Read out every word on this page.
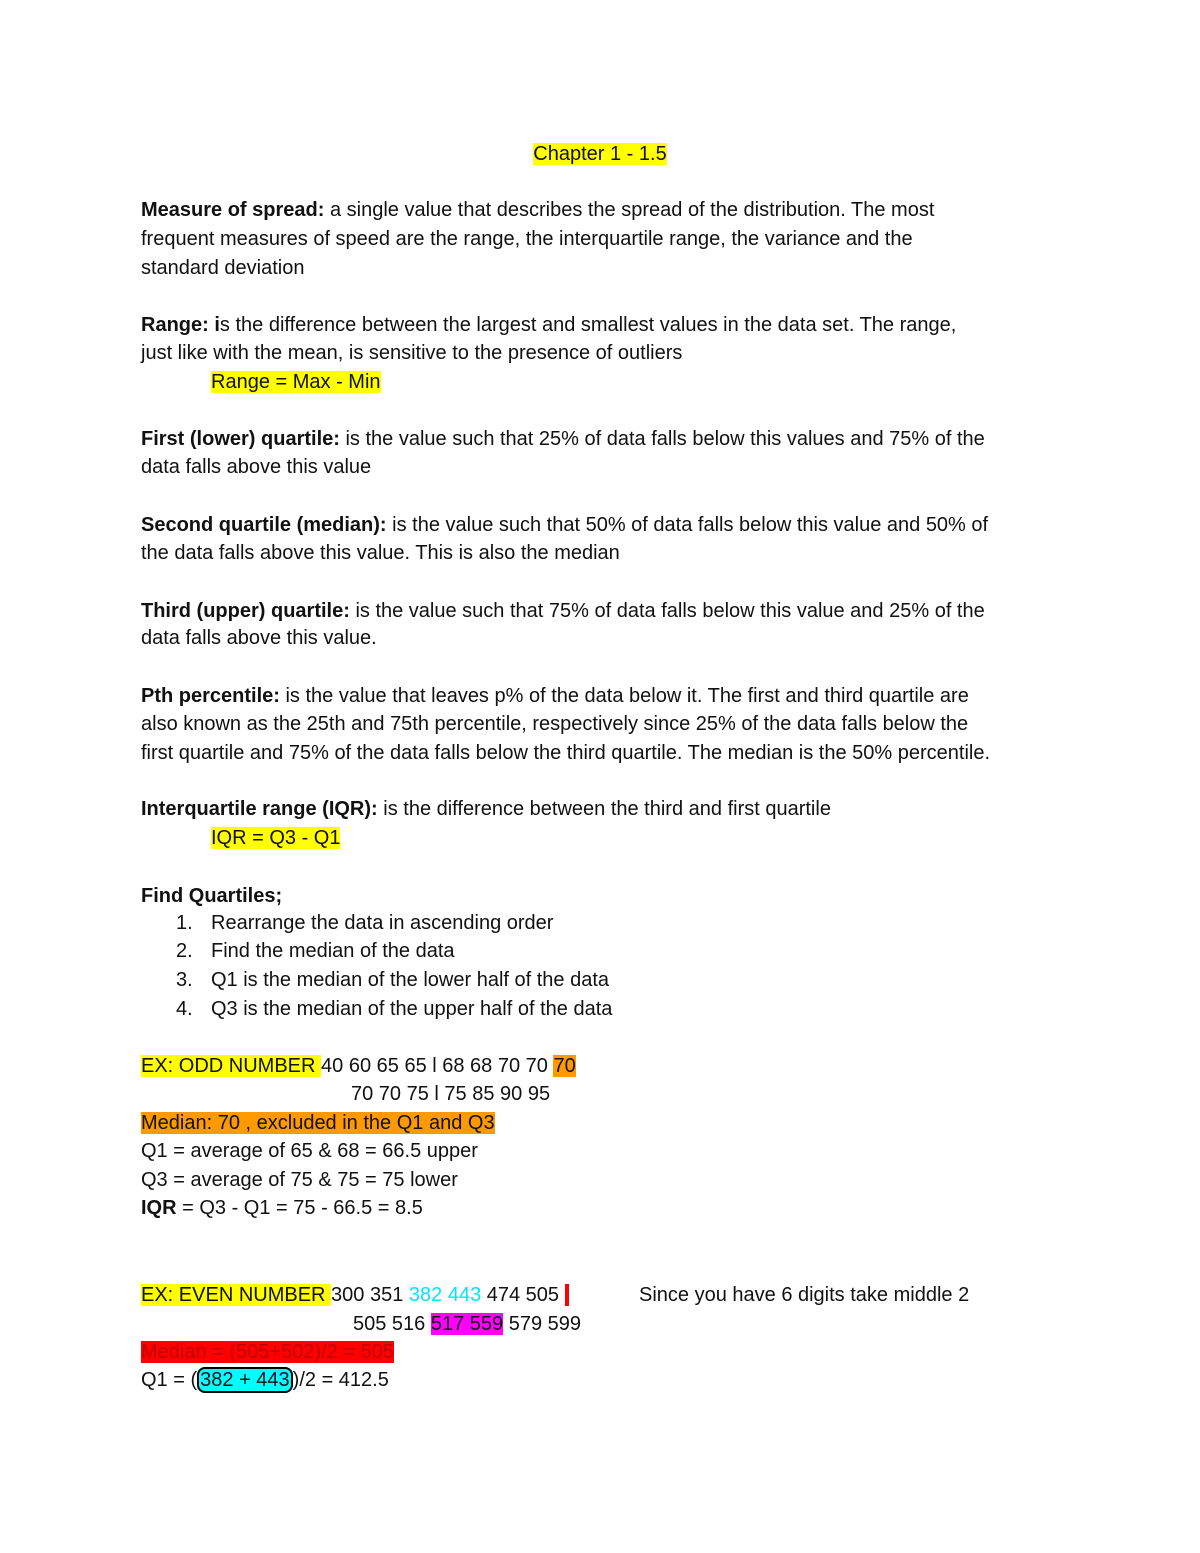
Chapter 1 - 1.5
Measure of spread: a single value that describes the spread of the distribution. The most
frequent measures of speed are the range, the interquartile range, the variance and the
standard deviation
Range: is the difference between the largest and smallest values in the data set. The range,
just like with the mean, is sensitive to the presence of outliers
Range = Max - Min
First (lower) quartile: is the value such that 25% of data falls below this values and 75% of the
data falls above this value
Second quartile (median): is the value such that 50% of data falls below this value and 50% of
the data falls above this value. This is also the median
Third (upper) quartile: is the value such that 75% of data falls below this value and 25% of the
data falls above this value.
Pth percentile: is the value that leaves p% of the data below it. The first and third quartile are
also known as the 25th and 75th percentile, respectively since 25% of the data falls below the
first quartile and 75% of the data falls below the third quartile. The median is the 50% percentile.
Interquartile range (IQR): is the difference between the third and first quartile
IQR = Q3 - Q1
Find Quartiles;
1. Rearrange the data in ascending order
2. Find the median of the data
3. Q1 is the median of the lower half of the data
4. Q3 is the median of the upper half of the data
EX: ODD NUMBER 40 60 65 65 l 68 68 70 70 70
70 70 75 l 75 85 90 95
Median: 70 , excluded in the Q1 and Q3
Q1 = average of 65 & 68 = 66.5 upper
Q3 = average of 75 & 75 = 75 lower
IQR = Q3 - Q1 = 75 - 66.5 = 8.5
EX: EVEN NUMBER 300 351 382 443 474 505 l	Since you have 6 digits take middle 2
505 516 517 559 579 599
Median = (505+502)/2 = 505
Q1 = ( 382 + 443 )/2 = 412.5
